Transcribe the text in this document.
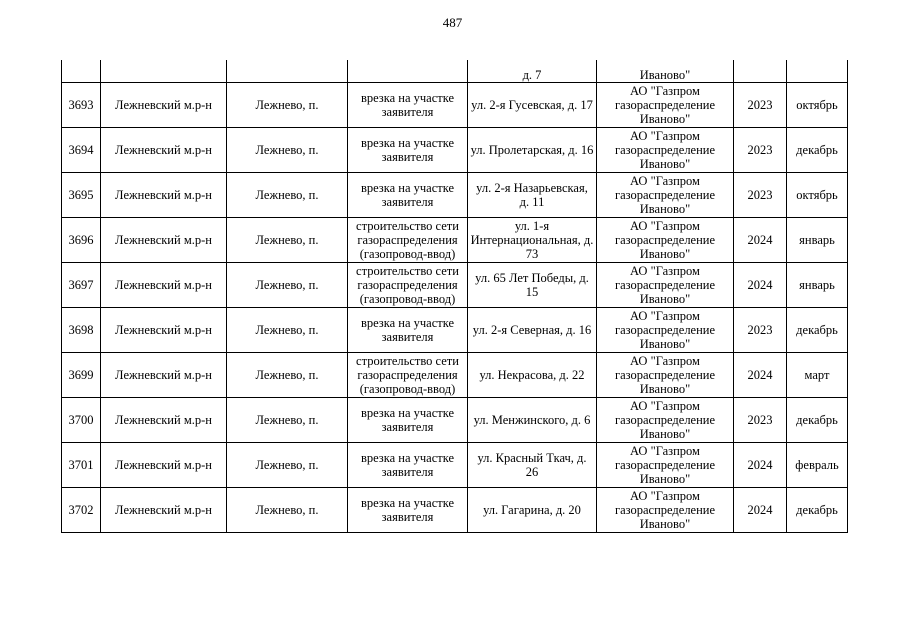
487
				д. 7	Иваново"		
3693	Лежневский м.р-н	Лежнево, п.	врезка на участке заявителя	ул. 2-я Гусевская, д. 17	АО "Газпром газораспределение Иваново"	2023	октябрь
3694	Лежневский м.р-н	Лежнево, п.	врезка на участке заявителя	ул. Пролетарская, д. 16	АО "Газпром газораспределение Иваново"	2023	декабрь
3695	Лежневский м.р-н	Лежнево, п.	врезка на участке заявителя	ул. 2-я Назарьевская, д. 11	АО "Газпром газораспределение Иваново"	2023	октябрь
3696	Лежневский м.р-н	Лежнево, п.	строительство сети газораспределения (газопровод-ввод)	ул. 1-я Интернациональная, д. 73	АО "Газпром газораспределение Иваново"	2024	январь
3697	Лежневский м.р-н	Лежнево, п.	строительство сети газораспределения (газопровод-ввод)	ул. 65 Лет Победы, д. 15	АО "Газпром газораспределение Иваново"	2024	январь
3698	Лежневский м.р-н	Лежнево, п.	врезка на участке заявителя	ул. 2-я Северная, д. 16	АО "Газпром газораспределение Иваново"	2023	декабрь
3699	Лежневский м.р-н	Лежнево, п.	строительство сети газораспределения (газопровод-ввод)	ул. Некрасова, д. 22	АО "Газпром газораспределение Иваново"	2024	март
3700	Лежневский м.р-н	Лежнево, п.	врезка на участке заявителя	ул. Менжинского, д. 6	АО "Газпром газораспределение Иваново"	2023	декабрь
3701	Лежневский м.р-н	Лежнево, п.	врезка на участке заявителя	ул. Красный Ткач, д. 26	АО "Газпром газораспределение Иваново"	2024	февраль
3702	Лежневский м.р-н	Лежнево, п.	врезка на участке заявителя	ул. Гагарина, д. 20	АО "Газпром газораспределение Иваново"	2024	декабрь
